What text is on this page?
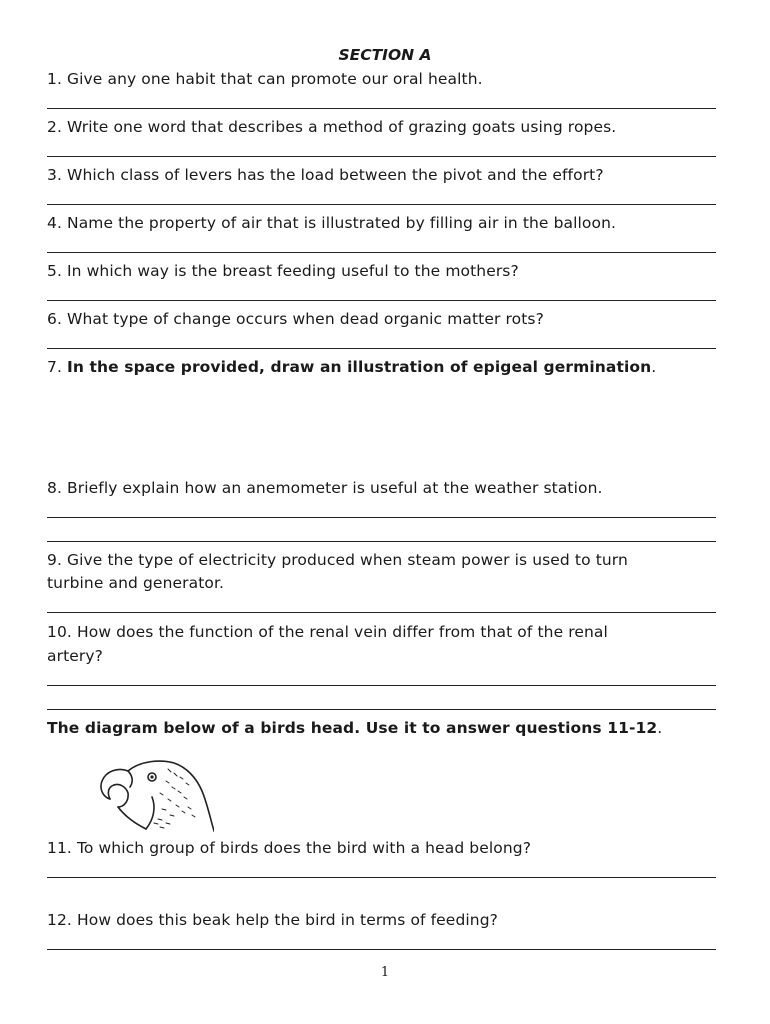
SECTION A
1. Give any one habit that can promote our oral health.
2. Write one word that describes a method of grazing goats using ropes.
3. Which class of levers has the load between the pivot and the effort?
4. Name the property of air that is illustrated by filling air in the balloon.
5. In which way is the breast feeding useful to the mothers?
6. What type of change occurs when dead organic matter rots?
7. In the space provided, draw an illustration of epigeal germination.
8. Briefly explain how an anemometer is useful at the weather station.
9. Give the type of electricity produced when steam power is used to turn
turbine and generator.
10. How does the function of the renal vein differ from that of the renal
artery?
The diagram below of a birds head. Use it to answer questions 11-12.
11. To which group of birds does the bird with a head belong?
12. How does this beak help the bird in terms of feeding?
1
